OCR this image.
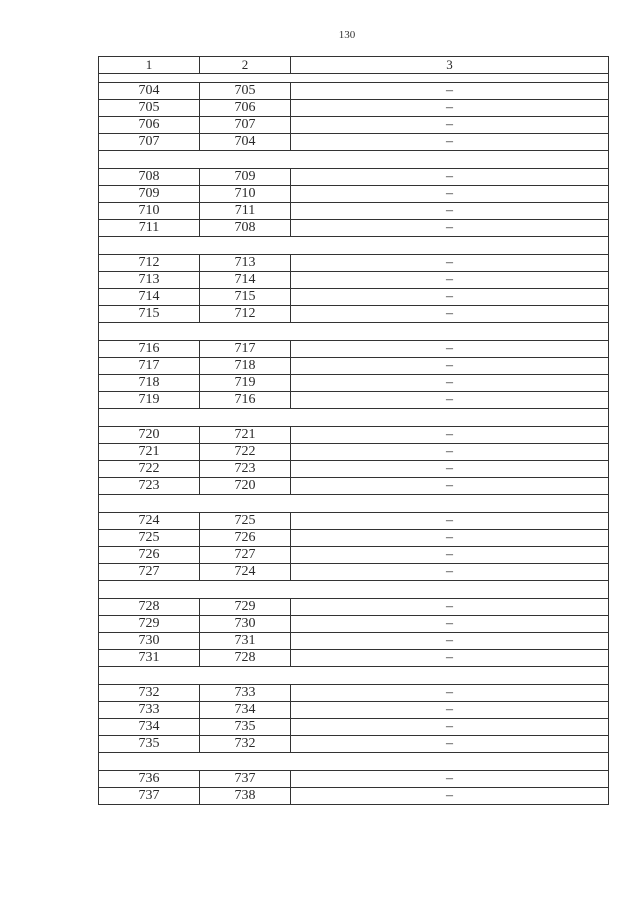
130
1	2	3

704	705	–
705	706	–
706	707	–
707	704	–

708	709	–
709	710	–
710	711	–
711	708	–

712	713	–
713	714	–
714	715	–
715	712	–

716	717	–
717	718	–
718	719	–
719	716	–

720	721	–
721	722	–
722	723	–
723	720	–

724	725	–
725	726	–
726	727	–
727	724	–

728	729	–
729	730	–
730	731	–
731	728	–

732	733	–
733	734	–
734	735	–
735	732	–

736	737	–
737	738	–
